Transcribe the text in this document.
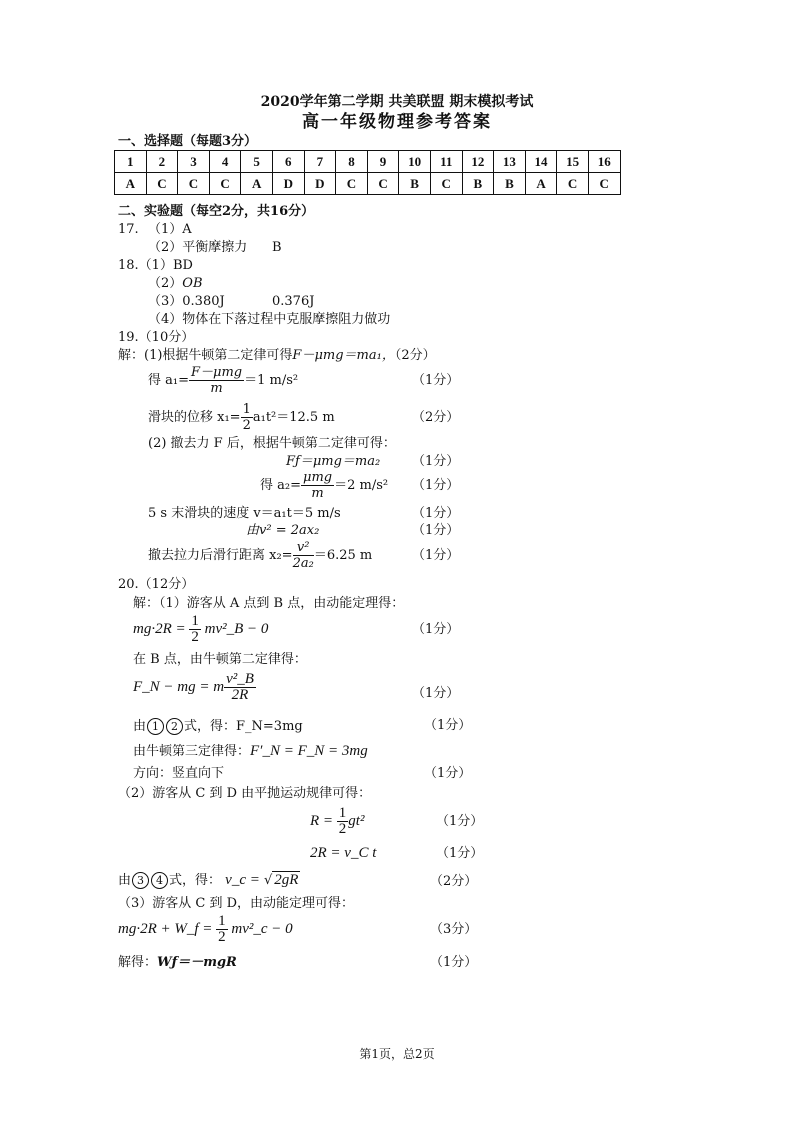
2020学年第二学期 共美联盟 期末模拟考试
高一年级物理参考答案
一、选择题（每题3分）
1	2	3	4	5	6	7	8	9	10	11	12	13	14	15	16
A	C	C	C	A	D	D	C	C	B	C	B	B	A	C	C
二、实验题（每空2分，共16分）
17. （1）A
（2）平衡摩擦力 B
18.（1）BD
（2）OB
（3）0.380J	0.376J
（4）物体在下落过程中克服摩擦阻力做功
19.（10分）
解：(1)根据牛顿第二定律可得F－μmg＝ma₁，（2分）
得 $a_1= \frac{\text{F－μmg}}{m} =1$ m/s²	（1分）
滑块的位移 $x_1= \frac{1}{2} a_1t^2=12.5$ m	（2分）
(2) 撤去力 F 后，根据牛顿第二定律可得：
Fƒ＝μmg＝ma₂ （1分）
得 $a_2= \frac{\text{μmg}}{m} =2$ m/s² （1分）
5 s 末滑块的速度 v＝a₁t＝5 m/s	（1分）
由v² = 2ax₂	（1分）
撤去拉力后滑行距离 $x_2= \frac{\text{v²}}{\text{2a₂}} =6.25$ m	（1分）
20.（12分）
解：（1）游客从 A 点到 B 点，由动能定理得：
$mg\cdot 2R = \frac{1}{2}$ mv²_B − 0	（1分）
在 B 点，由牛顿第二定律得：
F_N − mg = m $\frac{\text{v²\_B}}{2R}$	（1分）
由 1 2 式，得：F_N=3mg	（1分）
由牛顿第三定律得：F′_N = F_N = 3mg
方向：竖直向下	（1分）
（2）游客从 C 到 D 由平抛运动规律可得：
$R = \frac{1}{2} gt^2$	（1分）
2R = v_C t	（1分）
由 3 4 式，得： v_c = √ 2gR	（2分）
（3）游客从 C 到 D，由动能定理可得：
mg·2R + W_f = $\frac{1}{2}$ mv²_c − 0	（3分）
解得：Wƒ＝－mgR	（1分）
第1页，总2页
